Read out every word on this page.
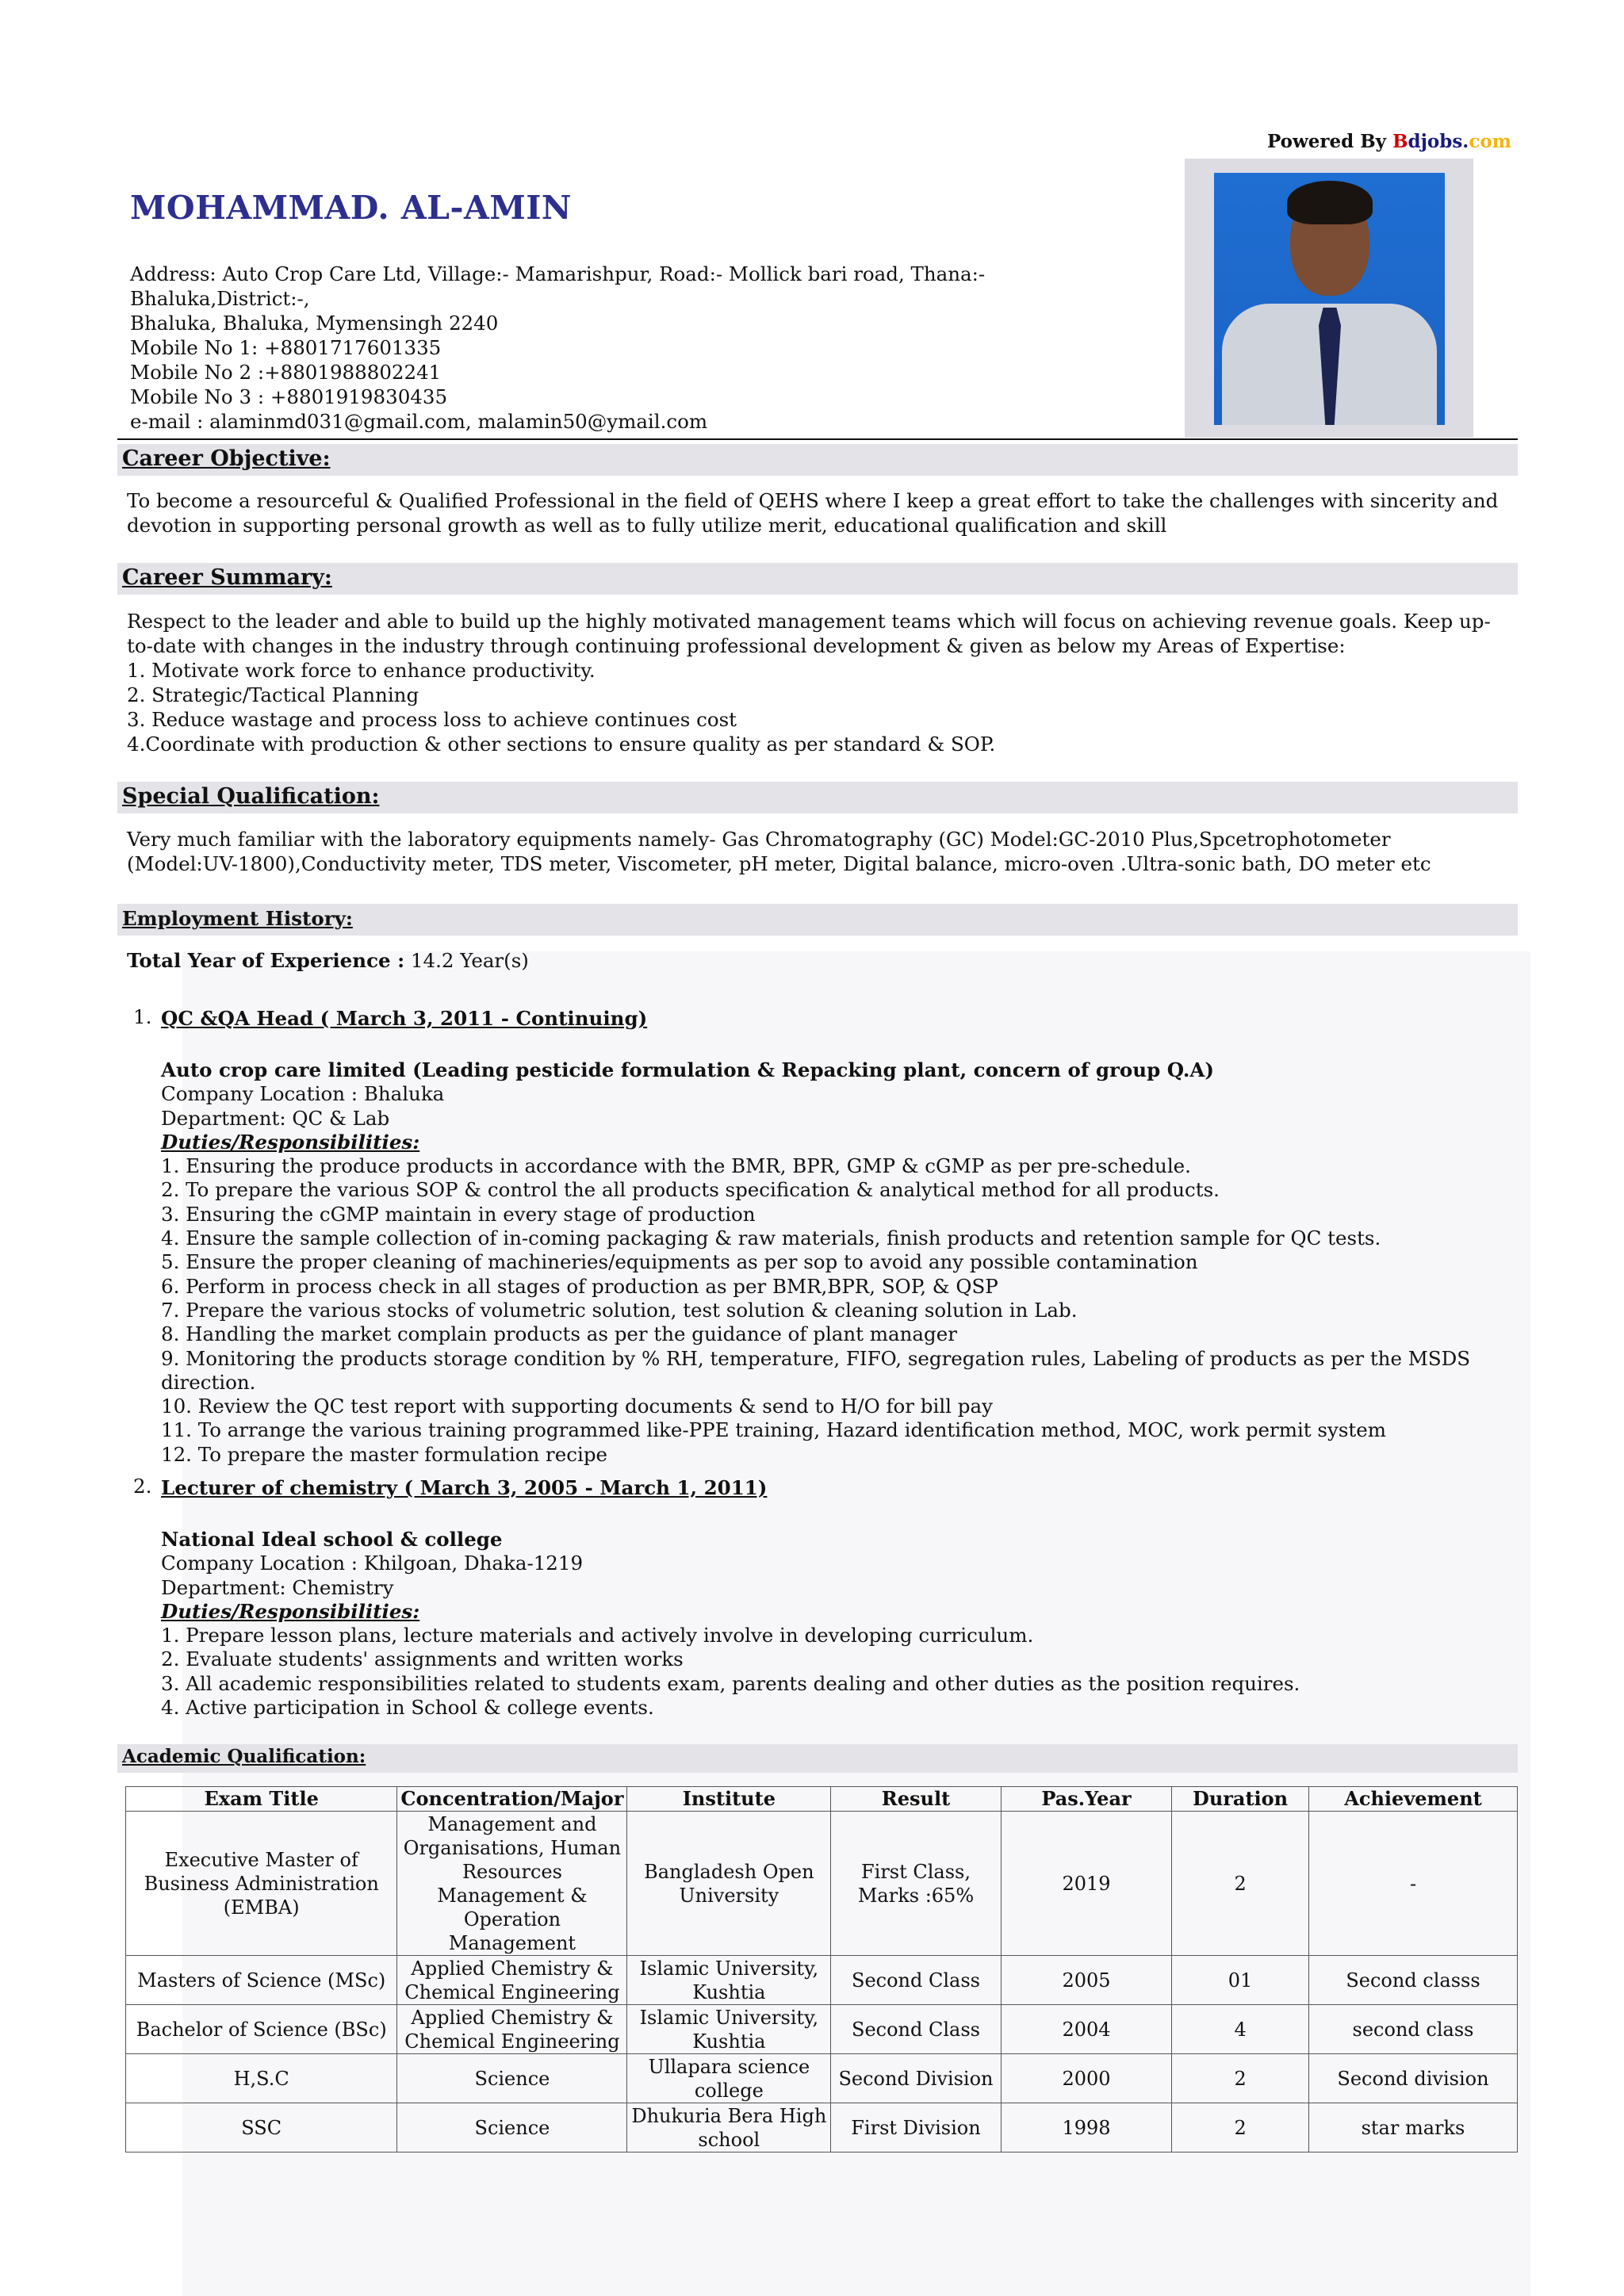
Powered By Bdjobs.com
MOHAMMAD. AL-AMIN
Address: Auto Crop Care Ltd, Village:- Mamarishpur, Road:- Mollick bari road, Thana:- Bhaluka,District:-,
Bhaluka, Bhaluka, Mymensingh 2240
Mobile No 1: +8801717601335
Mobile No 2 :+8801988802241
Mobile No 3 : +8801919830435
e-mail : alaminmd031@gmail.com, malamin50@ymail.com
Career Objective:
To become a resourceful & Qualified Professional in the field of QEHS where I keep a great effort to take the challenges with sincerity and devotion in supporting personal growth as well as to fully utilize merit, educational qualification and skill
Career Summary:
Respect to the leader and able to build up the highly motivated management teams which will focus on achieving revenue goals. Keep up-to-date with changes in the industry through continuing professional development & given as below my Areas of Expertise:
1. Motivate work force to enhance productivity.
2. Strategic/Tactical Planning
3. Reduce wastage and process loss to achieve continues cost
4.Coordinate with production & other sections to ensure quality as per standard & SOP.
Special Qualification:
Very much familiar with the laboratory equipments namely- Gas Chromatography (GC) Model:GC-2010 Plus,Spcetrophotometer (Model:UV-1800),Conductivity meter, TDS meter, Viscometer, pH meter, Digital balance, micro-oven .Ultra-sonic bath, DO meter etc
Employment History:
Total Year of Experience : 14.2 Year(s)
1. QC &QA Head ( March 3, 2011 - Continuing)
Auto crop care limited (Leading pesticide formulation & Repacking plant, concern of group Q.A)
Company Location : Bhaluka
Department: QC & Lab
Duties/Responsibilities:
1. Ensuring the produce products in accordance with the BMR, BPR, GMP & cGMP as per pre-schedule.
2. To prepare the various SOP & control the all products specification & analytical method for all products.
3. Ensuring the cGMP maintain in every stage of production
4. Ensure the sample collection of in-coming packaging & raw materials, finish products and retention sample for QC tests.
5. Ensure the proper cleaning of machineries/equipments as per sop to avoid any possible contamination
6. Perform in process check in all stages of production as per BMR,BPR, SOP, & QSP
7. Prepare the various stocks of volumetric solution, test solution & cleaning solution in Lab.
8. Handling the market complain products as per the guidance of plant manager
9. Monitoring the products storage condition by % RH, temperature, FIFO, segregation rules, Labeling of products as per the MSDS direction.
10. Review the QC test report with supporting documents & send to H/O for bill pay
11. To arrange the various training programmed like-PPE training, Hazard identification method, MOC, work permit system
12. To prepare the master formulation recipe
2. Lecturer of chemistry ( March 3, 2005 - March 1, 2011)
National Ideal school & college
Company Location : Khilgoan, Dhaka-1219
Department: Chemistry
Duties/Responsibilities:
1. Prepare lesson plans, lecture materials and actively involve in developing curriculum.
2. Evaluate students' assignments and written works
3. All academic responsibilities related to students exam, parents dealing and other duties as the position requires.
4. Active participation in School & college events.
Academic Qualification:
Exam Title	Concentration/Major	Institute	Result	Pas.Year	Duration	Achievement
Executive Master of Business Administration (EMBA)	Management and Organisations, Human Resources Management & Operation Management	Bangladesh Open University	First Class, Marks :65%	2019	2	-
Masters of Science (MSc)	Applied Chemistry & Chemical Engineering	Islamic University, Kushtia	Second Class	2005	01	Second classs
Bachelor of Science (BSc)	Applied Chemistry & Chemical Engineering	Islamic University, Kushtia	Second Class	2004	4	second class
H,S.C	Science	Ullapara science college	Second Division	2000	2	Second division
SSC	Science	Dhukuria Bera High school	First Division	1998	2	star marks
